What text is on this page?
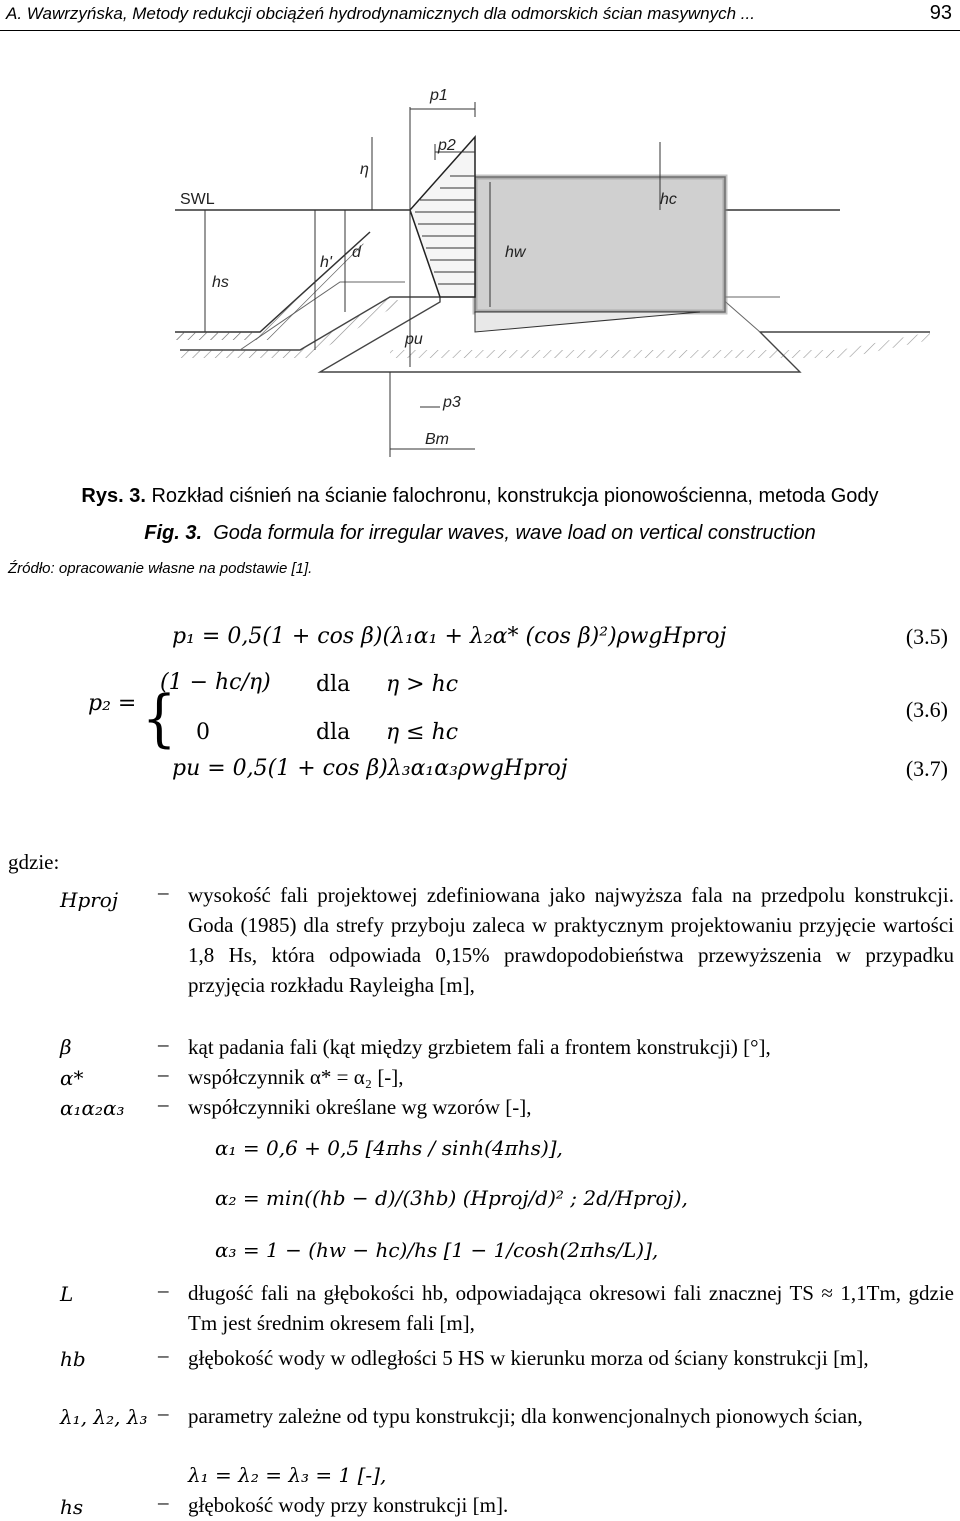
A. Wawrzyńska, Metody redukcji obciążeń hydrodynamicznych dla odmorskich ścian masywnych ...	93
p1
p2
η
SWL	hc
hs
h'
d	hw
pu
p3
Bm
Rys. 3. Rozkład ciśnień na ścianie falochronu, konstrukcja pionowościenna, metoda Gody
Fig. 3. Goda formula for irregular waves, wave load on vertical construction
Źródło: opracowanie własne na podstawie [1].
p₁ = 0,5(1 + cos β)(λ₁α₁ + λ₂α* (cos β)²)ρwgHproj	(3.5)
p₂ = {
(1 − hc/η) dla η > hc
0	dla η ≤ hc
(3.6)
pu = 0,5(1 + cos β)λ₃α₁α₃ρwgHproj	(3.7)
gdzie:
Hproj – wysokość fali projektowej zdefiniowana jako najwyższa fala na przedpolu konstrukcji. Goda (1985) dla strefy przyboju zaleca w praktycznym projektowaniu przyjęcie wartości 1,8 Hs, która odpowiada 0,15% prawdopodobieństwa przewyższenia w przypadku przyjęcia rozkładu Rayleigha [m],
β	– kąt padania fali (kąt między grzbietem fali a frontem konstrukcji) [°],
α*	– współczynnik α* = α₂ [-],
α₁α₂α₃ – współczynniki określane wg wzorów [-],
α₁ = 0,6 + 0,5 [4πhs / sinh(4πhs)],
α₂ = min((hb − d)/(3hb) (Hproj/d)² ; 2d/Hproj),
α₃ = 1 − (hw − hc)/hs [1 − 1/cosh(2πhs/L)],
L	– długość fali na głębokości hb, odpowiadająca okresowi fali znacznej TS ≈ 1,1Tm, gdzie Tm jest średnim okresem fali [m],
hb	– głębokość wody w odległości 5 HS w kierunku morza od ściany konstrukcji [m],
λ₁, λ₂, λ₃ – parametry zależne od typu konstrukcji; dla konwencjonalnych pionowych ścian,
λ₁ = λ₂ = λ₃ = 1 [-],
hs	– głębokość wody przy konstrukcji [m].
